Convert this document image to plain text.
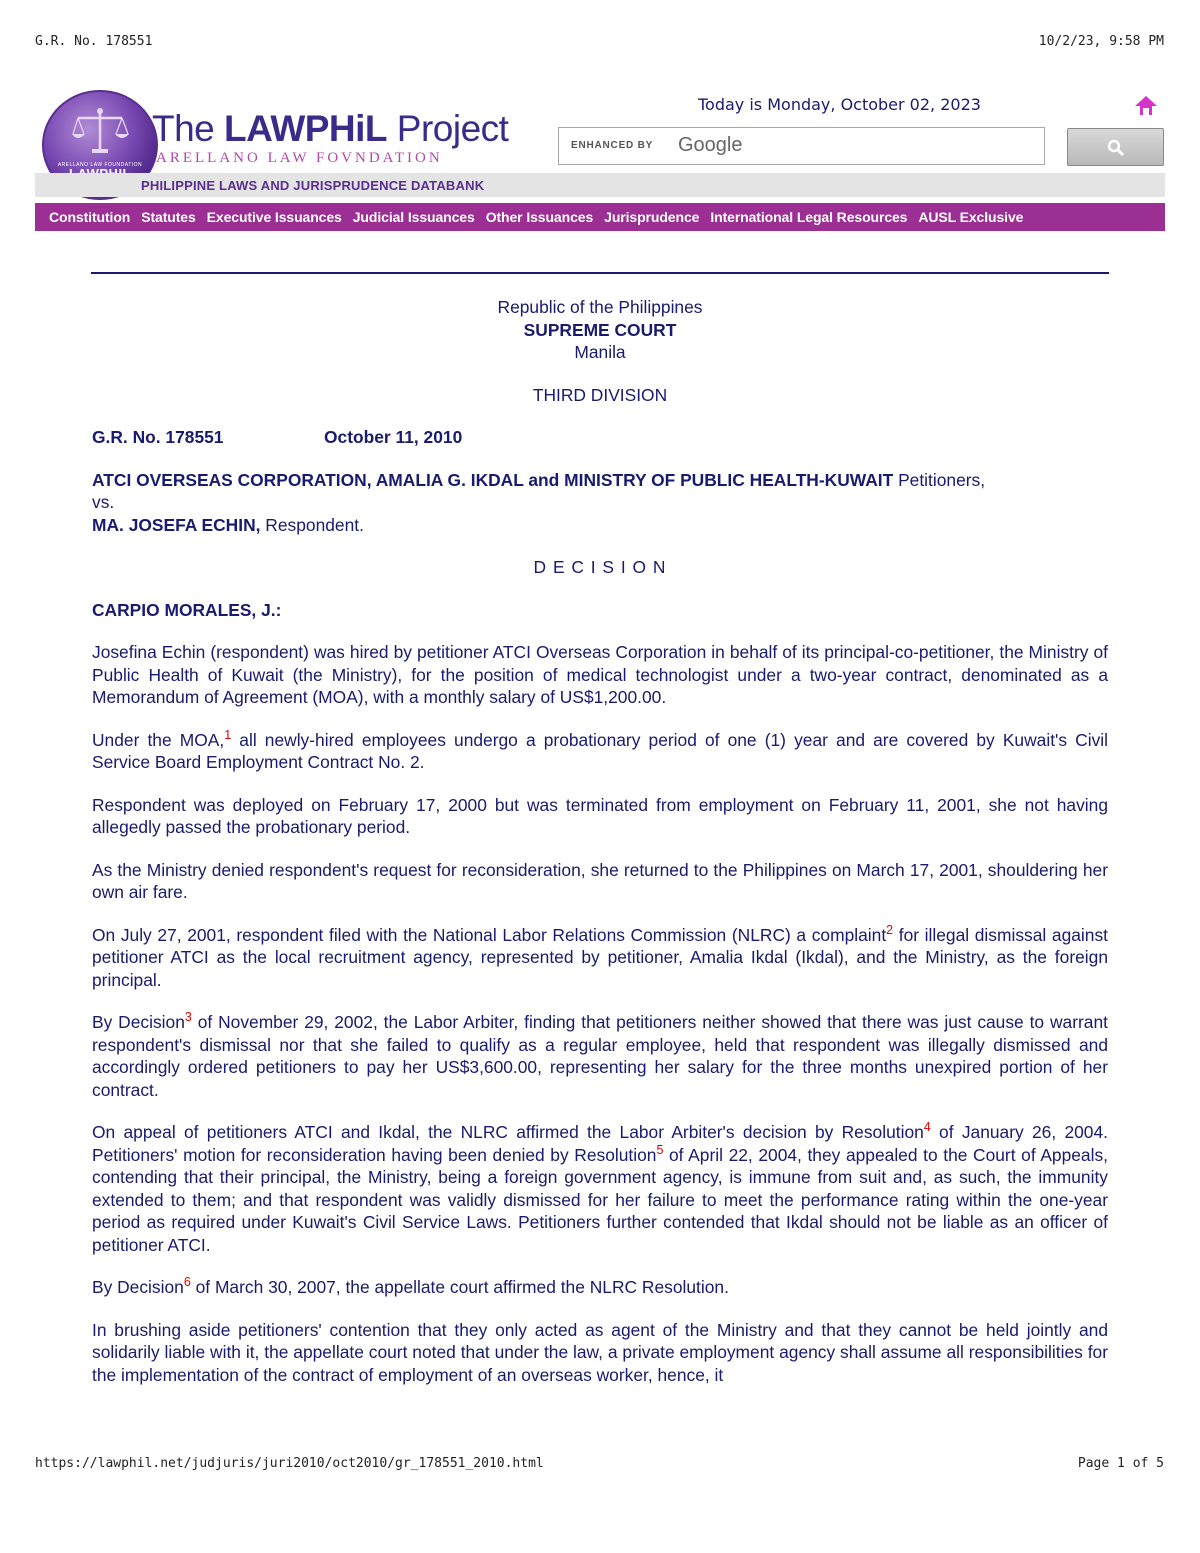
G.R. No. 178551	10/2/23, 9:58 PM
ARELLANO LAW FOUNDATION
The LAWPHiL Project
ARELLANO LAW FOVNDATION
PHILIPPINE LAWS AND JURISPRUDENCE DATABANK
Today is Monday, October 02, 2023
ENHANCED BY Google
Constitution Statutes Executive Issuances Judicial Issuances Other Issuances Jurisprudence International Legal Resources AUSL Exclusive
Republic of the Philippines
SUPREME COURT
Manila
THIRD DIVISION
G.R. No. 178551	October 11, 2010

ATCI OVERSEAS CORPORATION, AMALIA G. IKDAL and MINISTRY OF PUBLIC HEALTH-KUWAIT Petitioners,
vs.
MA. JOSEFA ECHIN, Respondent.

D E C I S I O N
CARPIO MORALES, J.:

Josefina Echin (respondent) was hired by petitioner ATCI Overseas Corporation in behalf of its principal-co-petitioner, the Ministry of Public Health of Kuwait (the Ministry), for the position of medical technologist under a two-year contract, denominated as a Memorandum of Agreement (MOA), with a monthly salary of US$1,200.00.

Under the MOA,$^1$ all newly-hired employees undergo a probationary period of one (1) year and are covered by Kuwait's Civil Service Board Employment Contract No. 2.

Respondent was deployed on February 17, 2000 but was terminated from employment on February 11, 2001, she not having allegedly passed the probationary period.

As the Ministry denied respondent's request for reconsideration, she returned to the Philippines on March 17, 2001, shouldering her own air fare.

On July 27, 2001, respondent filed with the National Labor Relations Commission (NLRC) a complaint$^2$ for illegal dismissal against petitioner ATCI as the local recruitment agency, represented by petitioner, Amalia Ikdal (Ikdal), and the Ministry, as the foreign principal.

By Decision$^3$ of November 29, 2002, the Labor Arbiter, finding that petitioners neither showed that there was just cause to warrant respondent's dismissal nor that she failed to qualify as a regular employee, held that respondent was illegally dismissed and accordingly ordered petitioners to pay her US$3,600.00, representing her salary for the three months unexpired portion of her contract.

On appeal of petitioners ATCI and Ikdal, the NLRC affirmed the Labor Arbiter's decision by Resolution$^4$ of January 26, 2004. Petitioners' motion for reconsideration having been denied by Resolution$^5$ of April 22, 2004, they appealed to the Court of Appeals, contending that their principal, the Ministry, being a foreign government agency, is immune from suit and, as such, the immunity extended to them; and that respondent was validly dismissed for her failure to meet the performance rating within the one-year period as required under Kuwait's Civil Service Laws. Petitioners further contended that Ikdal should not be liable as an officer of petitioner ATCI.

By Decision$^6$ of March 30, 2007, the appellate court affirmed the NLRC Resolution.

In brushing aside petitioners' contention that they only acted as agent of the Ministry and that they cannot be held jointly and solidarily liable with it, the appellate court noted that under the law, a private employment agency shall assume all responsibilities for the implementation of the contract of employment of an overseas worker, hence, it

https://lawphil.net/judjuris/juri2010/oct2010/gr_178551_2010.html	Page 1 of 5
